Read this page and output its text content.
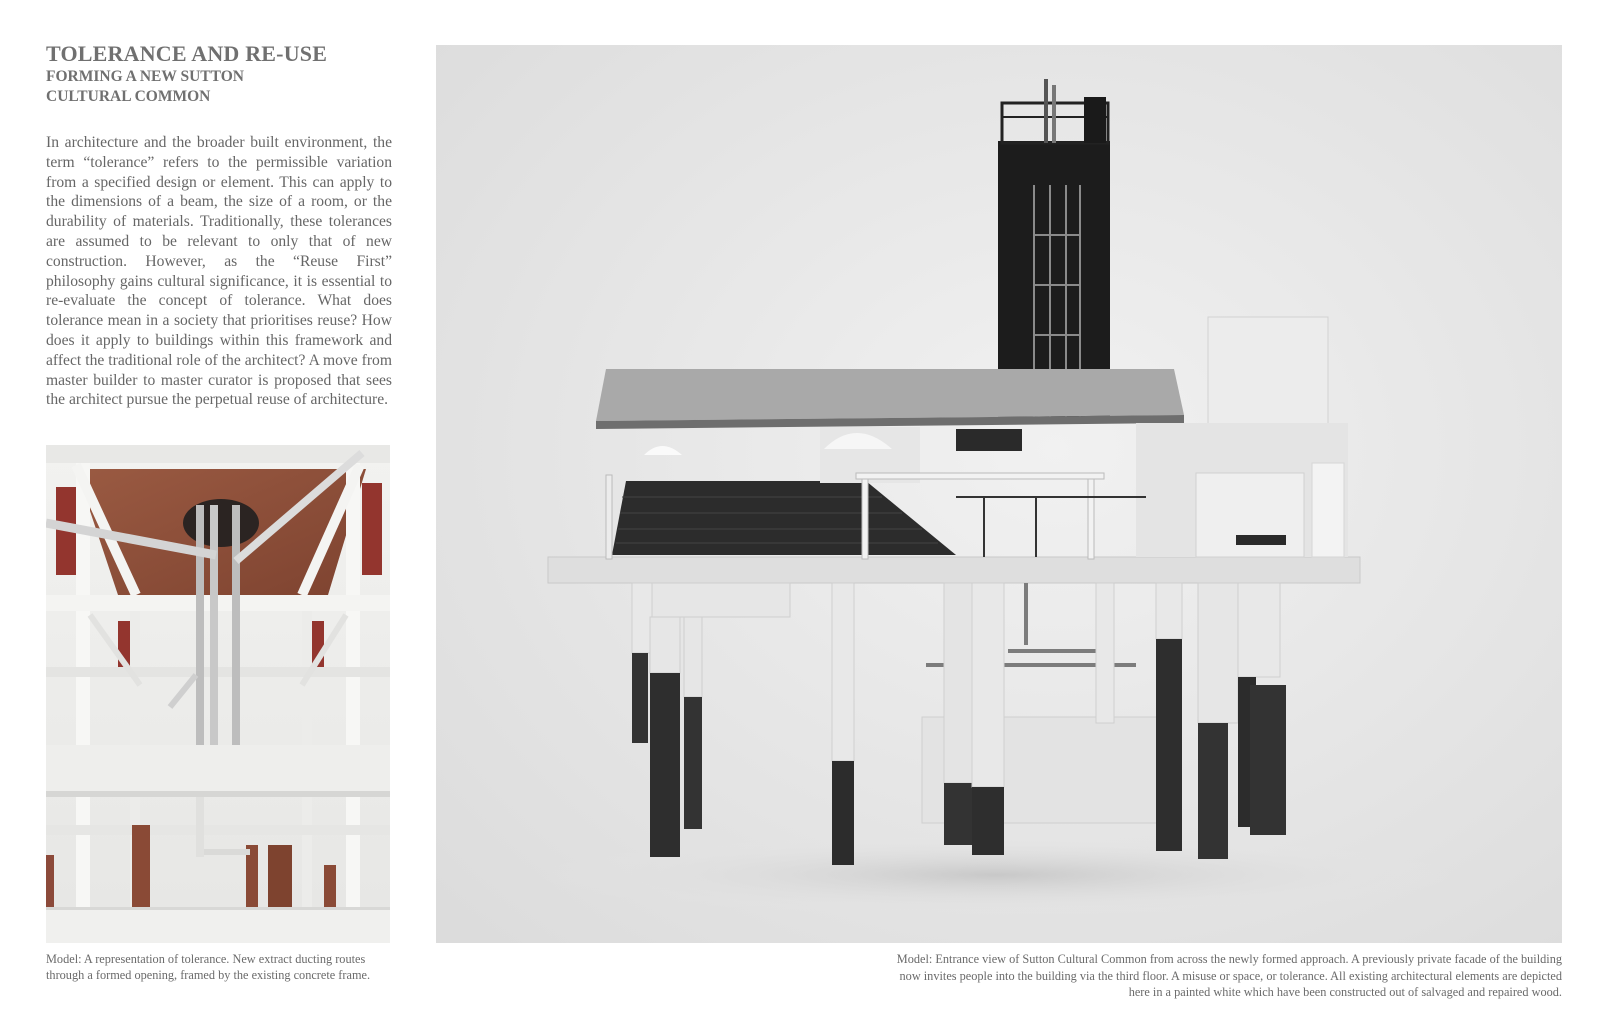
TOLERANCE AND RE-USE
FORMING A NEW SUTTON
CULTURAL COMMON

In architecture and the broader built environment, the term “tolerance” refers to the permissible variation from a specified design or element. This can apply to the dimensions of a beam, the size of a room, or the durability of materials. Traditionally, these tolerances are assumed to be relevant to only that of new construction. However, as the “Reuse First” philosophy gains cultural significance, it is essential to re-evaluate the concept of tolerance. What does tolerance mean in a society that prioritises reuse? How does it apply to buildings within this framework and affect the traditional role of the architect? A move from master builder to master curator is proposed that sees the architect pursue the perpetual reuse of architecture.

Model: A representation of tolerance. New extract ducting routes through a formed opening, framed by the existing concrete frame.

Model: Entrance view of Sutton Cultural Common from across the newly formed approach. A previously private facade of the building now invites people into the building via the third floor. A misuse or space, or tolerance. All existing architectural elements are depicted here in a painted white which have been constructed out of salvaged and repaired wood.
